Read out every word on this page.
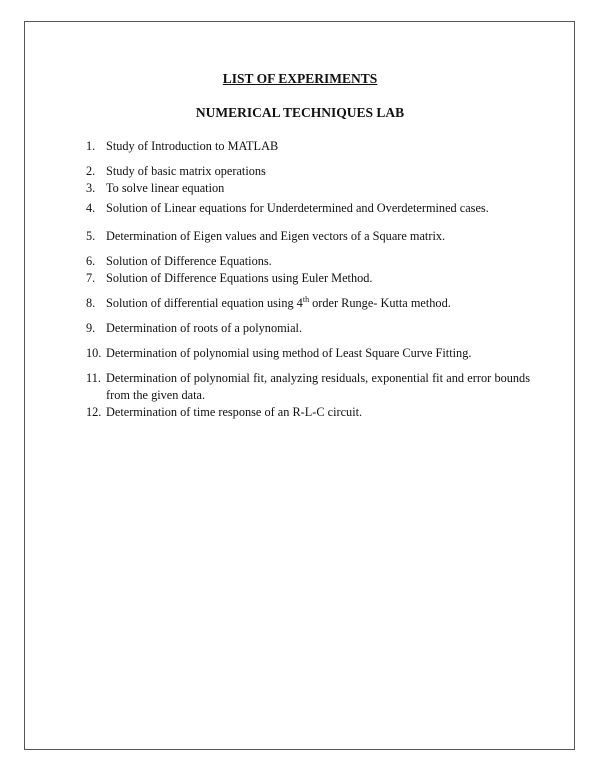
LIST OF EXPERIMENTS
NUMERICAL TECHNIQUES LAB
1. Study of Introduction to MATLAB
2. Study of basic matrix operations
3. To solve linear equation
4. Solution of Linear equations for Underdetermined and Overdetermined cases.
5. Determination of Eigen values and Eigen vectors of a Square matrix.
6. Solution of Difference Equations.
7. Solution of Difference Equations using Euler Method.
8. Solution of differential equation using 4th order Runge- Kutta method.
9. Determination of roots of a polynomial.
10. Determination of polynomial using method of Least Square Curve Fitting.
11. Determination of polynomial fit, analyzing residuals, exponential fit and error bounds from the given data.
12. Determination of time response of an R-L-C circuit.
